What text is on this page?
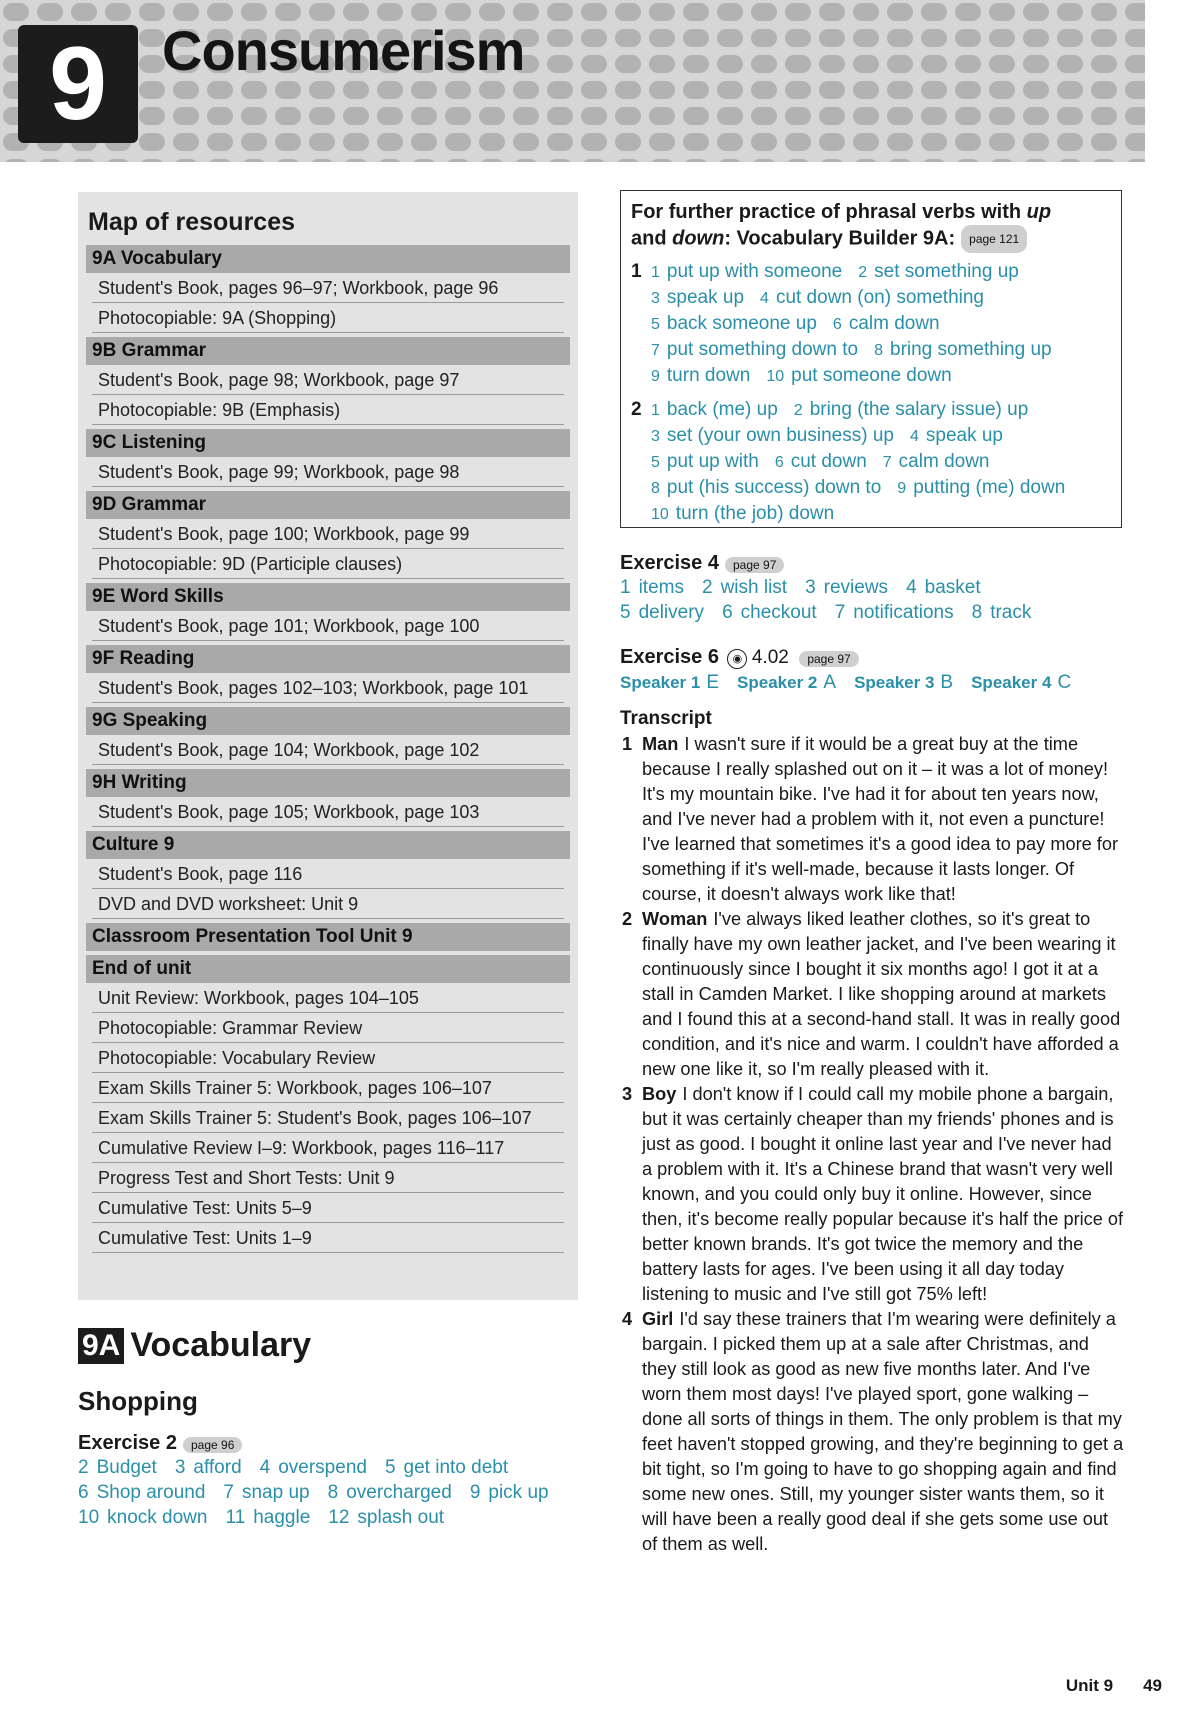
9 Consumerism
Map of resources
9A Vocabulary
Student's Book, pages 96–97; Workbook, page 96
Photocopiable: 9A (Shopping)
9B Grammar
Student's Book, page 98; Workbook, page 97
Photocopiable: 9B (Emphasis)
9C Listening
Student's Book, page 99; Workbook, page 98
9D Grammar
Student's Book, page 100; Workbook, page 99
Photocopiable: 9D (Participle clauses)
9E Word Skills
Student's Book, page 101; Workbook, page 100
9F Reading
Student's Book, pages 102–103; Workbook, page 101
9G Speaking
Student's Book, page 104; Workbook, page 102
9H Writing
Student's Book, page 105; Workbook, page 103
Culture 9
Student's Book, page 116
DVD and DVD worksheet: Unit 9
Classroom Presentation Tool Unit 9
End of unit
Unit Review: Workbook, pages 104–105
Photocopiable: Grammar Review
Photocopiable: Vocabulary Review
Exam Skills Trainer 5: Workbook, pages 106–107
Exam Skills Trainer 5: Student's Book, pages 106–107
Cumulative Review I–9: Workbook, pages 116–117
Progress Test and Short Tests: Unit 9
Cumulative Test: Units 5–9
Cumulative Test: Units 1–9
9A Vocabulary
Shopping
Exercise 2 page 96
2 Budget 3 afford 4 overspend 5 get into debt
6 Shop around 7 snap up 8 overcharged 9 pick up
10 knock down 11 haggle 12 splash out
For further practice of phrasal verbs with up
and down: Vocabulary Builder 9A: page 121
1 1 put up with someone 2 set something up
3 speak up 4 cut down (on) something
5 back someone up 6 calm down
7 put something down to 8 bring something up
9 turn down 10 put someone down
2 1 back (me) up 2 bring (the salary issue) up
3 set (your own business) up 4 speak up
5 put up with 6 cut down 7 calm down
8 put (his success) down to 9 putting (me) down
10 turn (the job) down
Exercise 4 page 97
1 items 2 wish list 3 reviews 4 basket
5 delivery 6 checkout 7 notifications 8 track
Exercise 6 ◉ 4.02 page 97
Speaker 1 E Speaker 2 A Speaker 3 B Speaker 4 C
Transcript
1 Man I wasn't sure if it would be a great buy at the time because I really splashed out on it – it was a lot of money! It's my mountain bike. I've had it for about ten years now, and I've never had a problem with it, not even a puncture! I've learned that sometimes it's a good idea to pay more for something if it's well-made, because it lasts longer. Of course, it doesn't always work like that!
2 Woman I've always liked leather clothes, so it's great to finally have my own leather jacket, and I've been wearing it continuously since I bought it six months ago! I got it at a stall in Camden Market. I like shopping around at markets and I found this at a second-hand stall. It was in really good condition, and it's nice and warm. I couldn't have afforded a new one like it, so I'm really pleased with it.
3 Boy I don't know if I could call my mobile phone a bargain, but it was certainly cheaper than my friends' phones and is just as good. I bought it online last year and I've never had a problem with it. It's a Chinese brand that wasn't very well known, and you could only buy it online. However, since then, it's become really popular because it's half the price of better known brands. It's got twice the memory and the battery lasts for ages. I've been using it all day today listening to music and I've still got 75% left!
4 Girl I'd say these trainers that I'm wearing were definitely a bargain. I picked them up at a sale after Christmas, and they still look as good as new five months later. And I've worn them most days! I've played sport, gone walking – done all sorts of things in them. The only problem is that my feet haven't stopped growing, and they're beginning to get a bit tight, so I'm going to have to go shopping again and find some new ones. Still, my younger sister wants them, so it will have been a really good deal if she gets some use out of them as well.
Unit 9 49
